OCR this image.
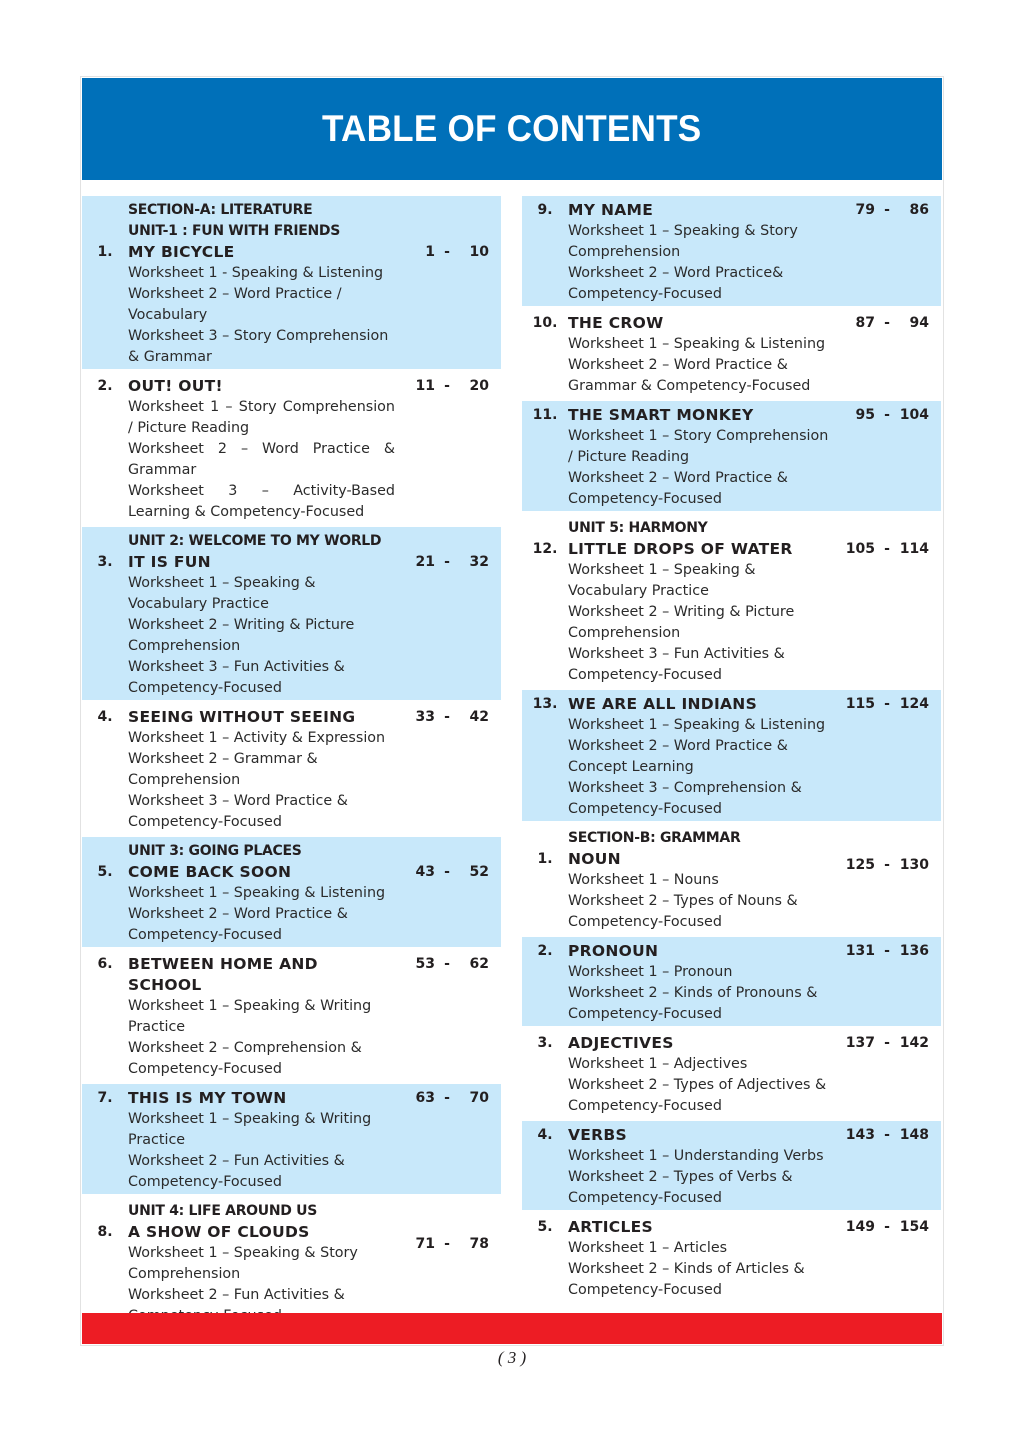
TABLE OF CONTENTS
1.
SECTION-A: LITERATURE
UNIT-1 : FUN WITH FRIENDS
MY BICYCLE
Worksheet 1 - Speaking & Listening
Worksheet 2 – Word Practice / Vocabulary
Worksheet 3 – Story Comprehension & Grammar
1 -	10
2. OUT! OUT!
Worksheet 1 – Story Comprehension / Picture Reading
Worksheet 2 – Word Practice & Grammar
Worksheet 3 – Activity-Based Learning & Competency-Focused
11 -	20
3.
UNIT 2: WELCOME TO MY WORLD
IT IS FUN
Worksheet 1 – Speaking & Vocabulary Practice
Worksheet 2 – Writing & Picture Comprehension
Worksheet 3 – Fun Activities & Competency-Focused
21 -	32
4. SEEING WITHOUT SEEING
Worksheet 1 – Activity & Expression
Worksheet 2 – Grammar & Comprehension
Worksheet 3 – Word Practice & Competency-Focused
33 -	42
5.
UNIT 3: GOING PLACES
COME BACK SOON
Worksheet 1 – Speaking & Listening
Worksheet 2 – Word Practice & Competency-Focused
43 -	52
6. BETWEEN HOME AND SCHOOL
Worksheet 1 – Speaking & Writing Practice
Worksheet 2 – Comprehension & Competency-Focused
53 -	62
7. THIS IS MY TOWN
Worksheet 1 – Speaking & Writing Practice
Worksheet 2 – Fun Activities & Competency-Focused
63 -	70
8.
UNIT 4: LIFE AROUND US
A SHOW OF CLOUDS
Worksheet 1 – Speaking & Story Comprehension
Worksheet 2 – Fun Activities &
71 -	78
9. MY NAME
Worksheet 1 – Speaking & Story Comprehension
Worksheet 2 – Word Practice& Competency-Focused
79 -	86
10. THE CROW
Worksheet 1 – Speaking & Listening
Worksheet 2 – Word Practice & Grammar & Competency-Focused
87 -	94
11. THE SMART MONKEY
Worksheet 1 – Story Comprehension / Picture Reading
Worksheet 2 – Word Practice & Competency-Focused
95 - 104
12.
UNIT 5: HARMONY
LITTLE DROPS OF WATER
Worksheet 1 – Speaking & Vocabulary Practice
Worksheet 2 – Writing & Picture Comprehension
Worksheet 3 – Fun Activities & Competency-Focused
105 - 114
13. WE ARE ALL INDIANS
Worksheet 1 – Speaking & Listening
Worksheet 2 – Word Practice & Concept Learning
Worksheet 3 – Comprehension & Competency-Focused
115 - 124
1.
SECTION-B: GRAMMAR
NOUN
Worksheet 1 – Nouns
Worksheet 2 – Types of Nouns & Competency-Focused
125 - 130
2. PRONOUN
Worksheet 1 – Pronoun
Worksheet 2 – Kinds of Pronouns & Competency-Focused
131 - 136
3. ADJECTIVES
Worksheet 1 – Adjectives
Worksheet 2 – Types of Adjectives & Competency-Focused
137 - 142
4. VERBS
Worksheet 1 – Understanding Verbs
Worksheet 2 – Types of Verbs & Competency-Focused
143 - 148
5. ARTICLES
Worksheet 1 – Articles
Worksheet 2 – Kinds of Articles & Competency-Focused
149 - 154
( 3 )
